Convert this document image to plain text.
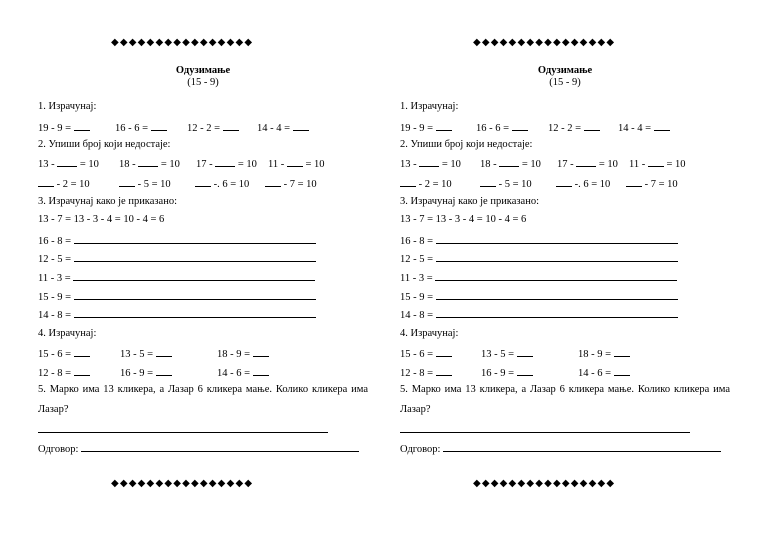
◆◆◆◆◆◆◆◆◆◆◆◆◆◆◆◆
Одузимање
(15 - 9)
1. Израчунај:
19 - 9 =	16 - 6 =	12 - 2 =	14 - 4 =
2. Упиши број који недостаје:
13 - = 10 18 - = 10 17 - = 10 11 - = 10
- 2 = 10	- 5 = 10	-. 6 = 10	- 7 = 10
3. Израчунај како је приказано:
13 - 7 = 13 - 3 - 4 = 10 - 4 = 6
16 - 8 =
12 - 5 =
11 - 3 =
15 - 9 =
14 - 8 =
4. Израчунај:
15 - 6 =	13 - 5 =	18 - 9 =
12 - 8 =	16 - 9 =	14 - 6 =
5. Марко има 13 кликера, а Лазар 6 кликера мање. Колико кликера има Лазар?
Одговор:
◆◆◆◆◆◆◆◆◆◆◆◆◆◆◆◆
◆◆◆◆◆◆◆◆◆◆◆◆◆◆◆◆
Одузимање
(15 - 9)
1. Израчунај:
19 - 9 =	16 - 6 =	12 - 2 =	14 - 4 =
2. Упиши број који недостаје:
13 - = 10 18 - = 10 17 - = 10 11 - = 10
- 2 = 10	- 5 = 10	-. 6 = 10	- 7 = 10
3. Израчунај како је приказано:
13 - 7 = 13 - 3 - 4 = 10 - 4 = 6
16 - 8 =
12 - 5 =
11 - 3 =
15 - 9 =
14 - 8 =
4. Израчунај:
15 - 6 =	13 - 5 =	18 - 9 =
12 - 8 =	16 - 9 =	14 - 6 =
5. Марко има 13 кликера, а Лазар 6 кликера мање. Колико кликера има Лазар?
Одговор:
◆◆◆◆◆◆◆◆◆◆◆◆◆◆◆◆
